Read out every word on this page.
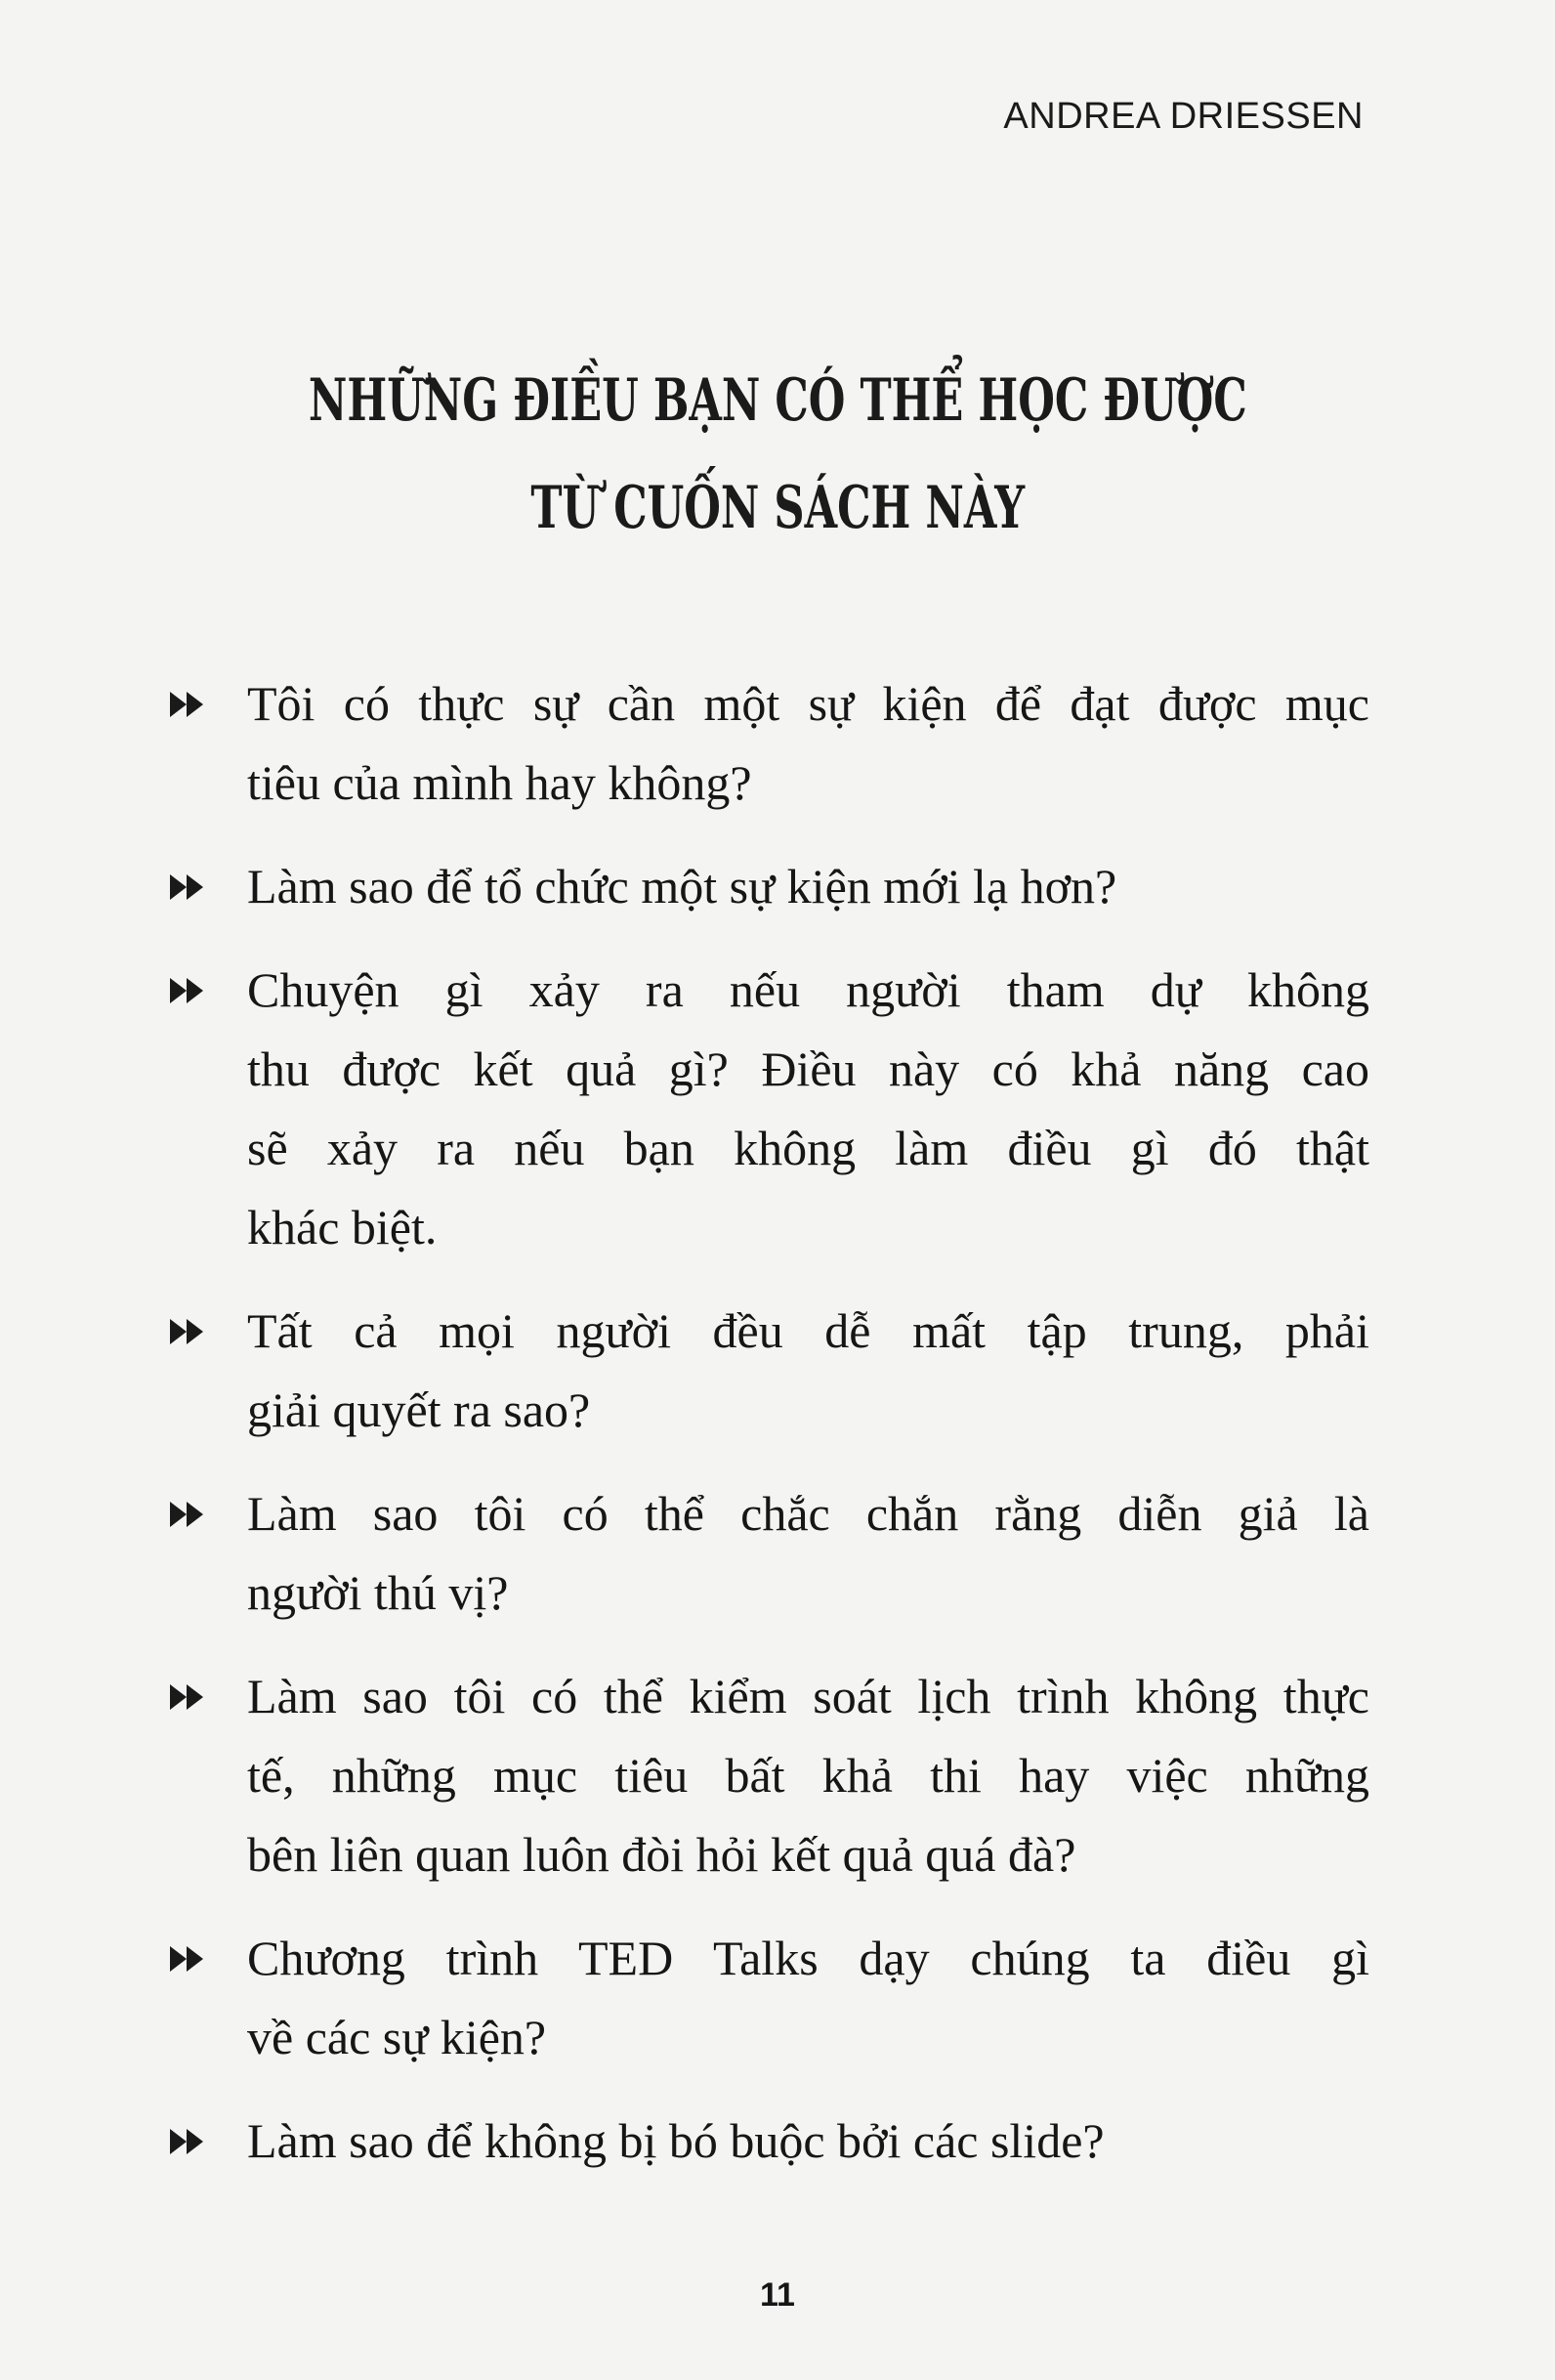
ANDREA DRIESSEN
NHỮNG ĐIỀU BẠN CÓ THỂ HỌC ĐƯỢC
TỪ CUỐN SÁCH NÀY
Tôi có thực sự cần một sự kiện để đạt được mục
tiêu của mình hay không?
Làm sao để tổ chức một sự kiện mới lạ hơn?
Chuyện gì xảy ra nếu người tham dự không
thu được kết quả gì? Điều này có khả năng cao
sẽ xảy ra nếu bạn không làm điều gì đó thật
khác biệt.
Tất cả mọi người đều dễ mất tập trung, phải
giải quyết ra sao?
Làm sao tôi có thể chắc chắn rằng diễn giả là
người thú vị?
Làm sao tôi có thể kiểm soát lịch trình không thực
tế, những mục tiêu bất khả thi hay việc những
bên liên quan luôn đòi hỏi kết quả quá đà?
Chương trình TED Talks dạy chúng ta điều gì
về các sự kiện?
Làm sao để không bị bó buộc bởi các slide?
11
